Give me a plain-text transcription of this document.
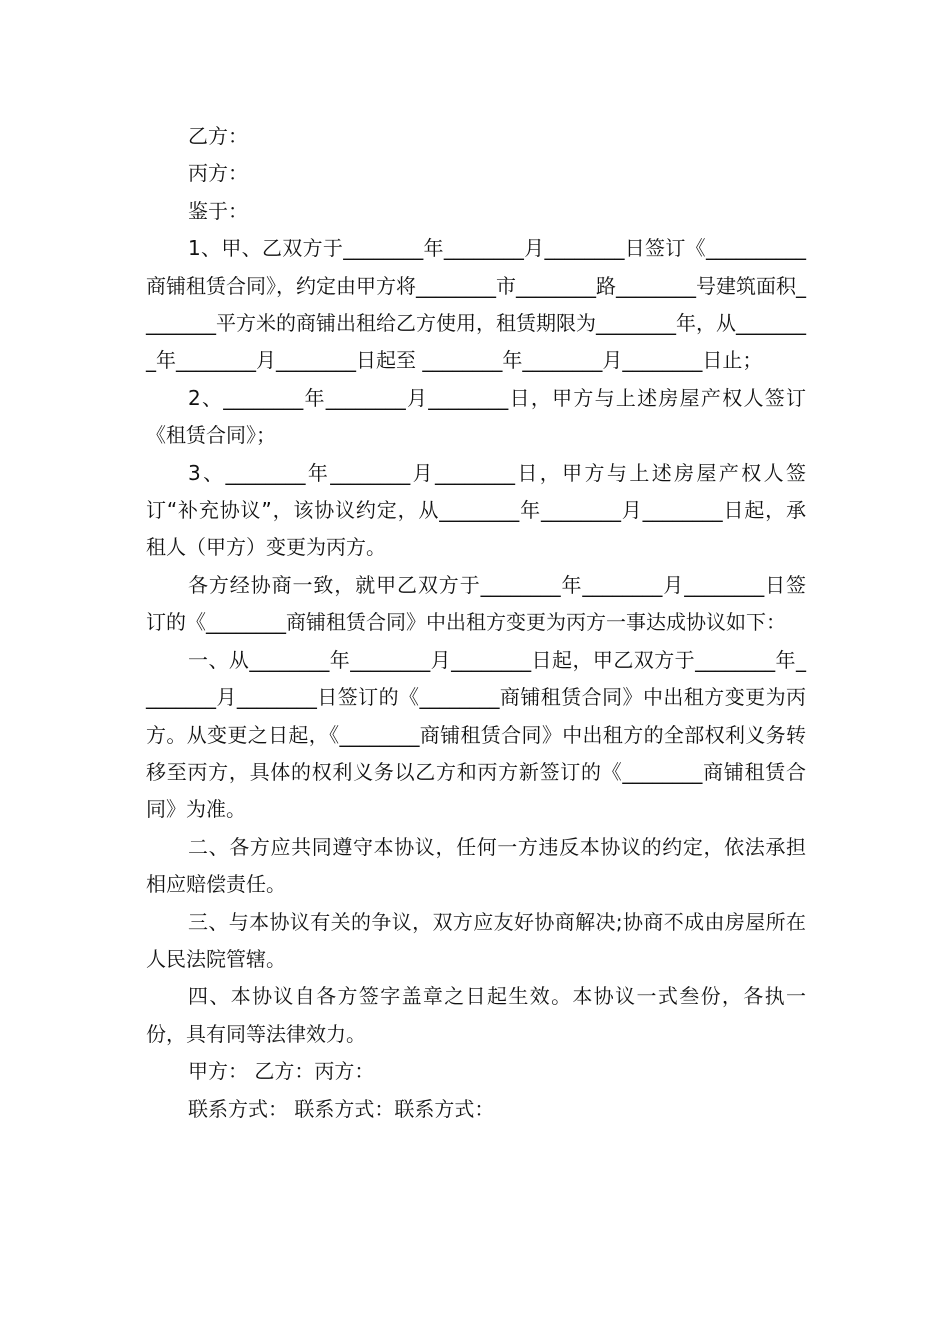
乙方：

丙方：

鉴于：

1、甲、乙双方于________年________月________日签订《__________商铺租赁合同》，约定由甲方将________市________路________号建筑面积________平方米的商铺出租给乙方使用，租赁期限为________年，从________年________月________日起至 ________年________月________日止；

2、________年________月________日，甲方与上述房屋产权人签订《租赁合同》；

3、________年________月________日，甲方与上述房屋产权人签订“补充协议”，该协议约定，从________年________月________日起，承租人（甲方）变更为丙方。

各方经协商一致，就甲乙双方于________年________月________日签订的《________商铺租赁合同》中出租方变更为丙方一事达成协议如下：

一、从________年________月________日起，甲乙双方于________年________月________日签订的《________商铺租赁合同》中出租方变更为丙方。从变更之日起，《________商铺租赁合同》中出租方的全部权利义务转移至丙方，具体的权利义务以乙方和丙方新签订的《________商铺租赁合同》为准。

二、各方应共同遵守本协议，任何一方违反本协议的约定，依法承担相应赔偿责任。

三、与本协议有关的争议，双方应友好协商解决;协商不成由房屋所在人民法院管辖。

四、本协议自各方签字盖章之日起生效。本协议一式叁份，各执一份，具有同等法律效力。

甲方： 乙方：丙方：

联系方式： 联系方式：联系方式：
